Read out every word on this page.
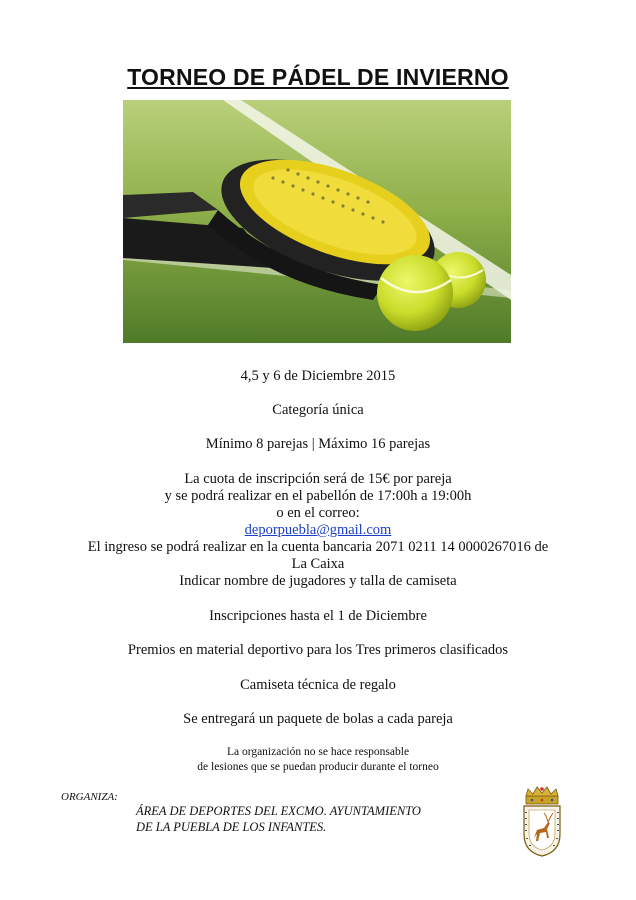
TORNEO DE PÁDEL DE INVIERNO
4,5 y 6 de Diciembre 2015
Categoría única
Mínimo 8 parejas | Máximo 16 parejas
La cuota de inscripción será de 15€ por pareja
y se podrá realizar en el pabellón de 17:00h a 19:00h
o en el correo:
deporpuebla@gmail.com
El ingreso se podrá realizar en la cuenta bancaria 2071 0211 14 0000267016 de
La Caixa
Indicar nombre de jugadores y talla de camiseta
Inscripciones hasta el 1 de Diciembre
Premios en material deportivo para los Tres primeros clasificados
Camiseta técnica de regalo
Se entregará un paquete de bolas a cada pareja
La organización no se hace responsable
de lesiones que se puedan producir durante el torneo
ORGANIZA:
ÁREA DE DEPORTES DEL EXCMO. AYUNTAMIENTO
DE LA PUEBLA DE LOS INFANTES.
